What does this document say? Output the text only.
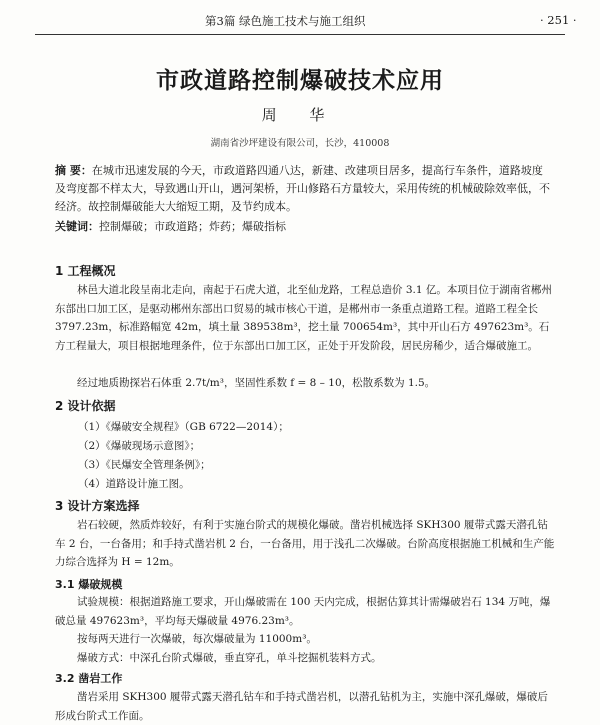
第3篇 绿色施工技术与施工组织	· 251 ·
市政道路控制爆破技术应用
周 华
湖南省沙坪建设有限公司，长沙，410008
摘 要：在城市迅速发展的今天，市政道路四通八达，新建、改建项目居多，提高行车条件，道路坡度及弯度都不样太大，导致遇山开山，遇河架桥，开山修路石方量较大，采用传统的机械破除效率低，不经济。故控制爆破能大大缩短工期，及节约成本。
关键词：控制爆破；市政道路；炸药；爆破指标
1 工程概况
林邑大道北段呈南北走向，南起于石虎大道，北至仙龙路，工程总造价 3.1 亿。本项目位于湖南省郴州东部出口加工区，是驱动郴州东部出口贸易的城市核心干道，是郴州市一条重点道路工程。道路工程全长 3797.23m，标准路幅宽 42m，填土量 389538m³，挖土量 700654m³，其中开山石方 497623m³。石方工程量大，项目根据地理条件，位于东部出口加工区，正处于开发阶段，居民房稀少，适合爆破施工。
经过地质勘探岩石体重 2.7t/m³，坚固性系数 f = 8 – 10，松散系数为 1.5。
2 设计依据
（1）《爆破安全规程》（GB 6722—2014）；
（2）《爆破现场示意图》；
（3）《民爆安全管理条例》；
（4）道路设计施工图。
3 设计方案选择
岩石较硬，然质炸较好，有利于实施台阶式的规模化爆破。凿岩机械选择 SKH300 履带式露天潜孔钻车 2 台，一台备用；和手持式凿岩机 2 台，一台备用，用于浅孔二次爆破。台阶高度根据施工机械和生产能力综合选择为 H = 12m。
3.1 爆破规模
试验规模：根据道路施工要求，开山爆破需在 100 天内完成，根据估算其计需爆破岩石 134 万吨，爆破总量 497623m³，平均每天爆破量 4976.23m³。
按每两天进行一次爆破，每次爆破量为 11000m³。
爆破方式：中深孔台阶式爆破，垂直穿孔，单斗挖掘机装料方式。
3.2 凿岩工作
凿岩采用 SKH300 履带式露天潜孔钻车和手持式凿岩机，以潜孔钻机为主，实施中深孔爆破，爆破后形成台阶式工作面。
